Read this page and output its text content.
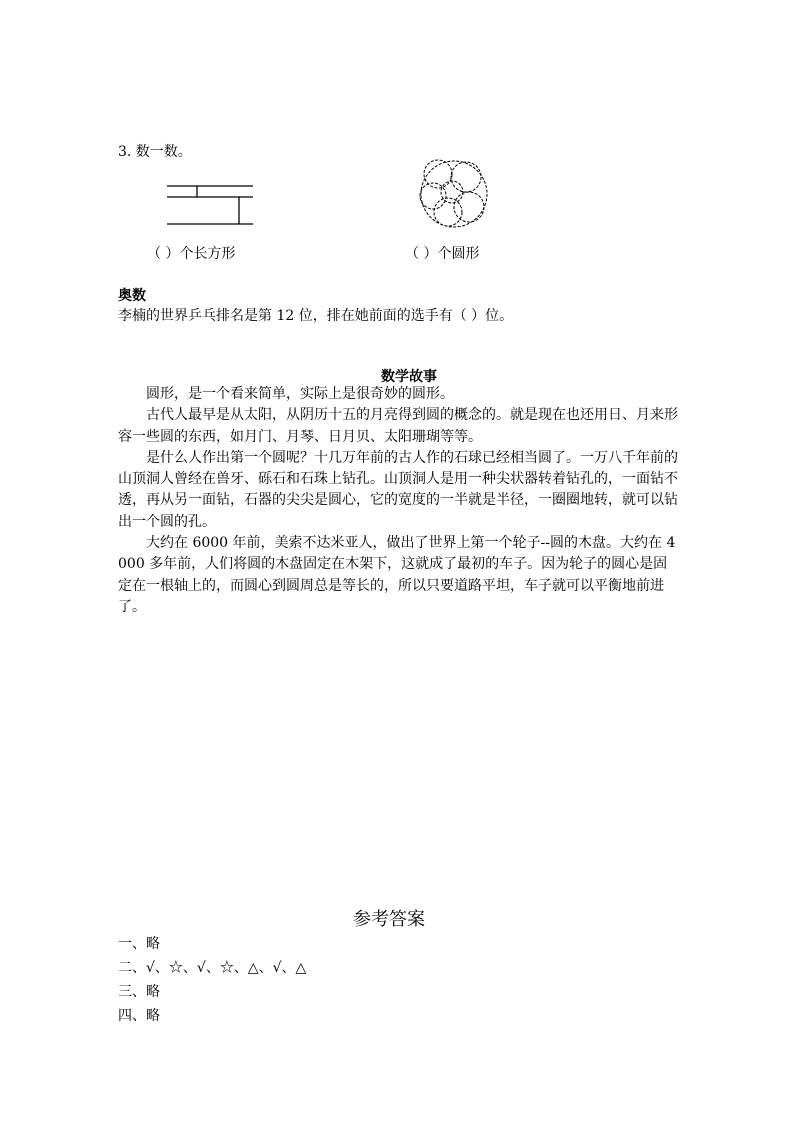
3. 数一数。
（ ）个长方形	（ ）个圆形
奥数
李楠的世界乒乓排名是第 12 位，排在她前面的选手有（ ）位。
数学故事

圆形，是一个看来简单，实际上是很奇妙的圆形。

古代人最早是从太阳，从阴历十五的月亮得到圆的概念的。就是现在也还用日、月来形容一些圆的东西，如月门、月琴、日月贝、太阳珊瑚等等。

是什么人作出第一个圆呢？十几万年前的古人作的石球已经相当圆了。一万八千年前的山顶洞人曾经在兽牙、砾石和石珠上钻孔。山顶洞人是用一种尖状器转着钻孔的，一面钻不透，再从另一面钻，石器的尖尖是圆心，它的宽度的一半就是半径，一圈圈地转，就可以钻出一个圆的孔。

大约在 6000 年前，美索不达米亚人，做出了世界上第一个轮子--圆的木盘。大约在 4000 多年前，人们将圆的木盘固定在木架下，这就成了最初的车子。因为轮子的圆心是固定在一根轴上的，而圆心到圆周总是等长的，所以只要道路平坦，车子就可以平衡地前进了。

参考答案
一、略
二、√、☆、√、☆、△、√、△
三、略
四、略
